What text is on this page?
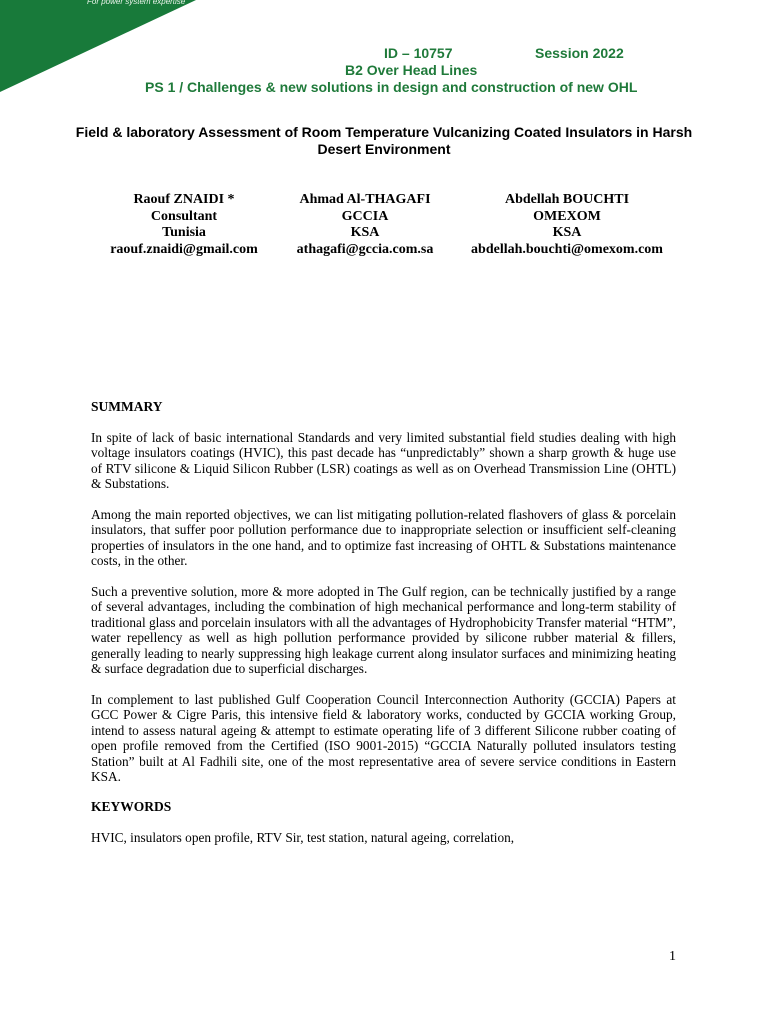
For power system expertise
ID – 10757	Session 2022
B2 Over Head Lines
PS 1 / Challenges & new solutions in design and construction of new OHL
Field & laboratory Assessment of Room Temperature Vulcanizing Coated Insulators in Harsh Desert Environment
Raouf ZNAIDI *
Consultant
Tunisia
raouf.znaidi@gmail.com
Ahmad Al-THAGAFI
GCCIA
KSA
athagafi@gccia.com.sa
Abdellah BOUCHTI
OMEXOM
KSA
abdellah.bouchti@omexom.com
SUMMARY
In spite of lack of basic international Standards and very limited substantial field studies dealing with high voltage insulators coatings (HVIC), this past decade has “unpredictably” shown a sharp growth & huge use of RTV silicone & Liquid Silicon Rubber (LSR) coatings as well as on Overhead Transmission Line (OHTL) & Substations.
Among the main reported objectives, we can list mitigating pollution-related flashovers of glass & porcelain insulators, that suffer poor pollution performance due to inappropriate selection or insufficient self-cleaning properties of insulators in the one hand, and to optimize fast increasing of OHTL & Substations maintenance costs, in the other.
Such a preventive solution, more & more adopted in The Gulf region, can be technically justified by a range of several advantages, including the combination of high mechanical performance and long-term stability of traditional glass and porcelain insulators with all the advantages of Hydrophobicity Transfer material “HTM”, water repellency as well as high pollution performance provided by silicone rubber material & fillers, generally leading to nearly suppressing high leakage current along insulator surfaces and minimizing heating & surface degradation due to superficial discharges.
In complement to last published Gulf Cooperation Council Interconnection Authority (GCCIA) Papers at GCC Power & Cigre Paris, this intensive field & laboratory works, conducted by GCCIA working Group, intend to assess natural ageing & attempt to estimate operating life of 3 different Silicone rubber coating of open profile removed from the Certified (ISO 9001-2015) “GCCIA Naturally polluted insulators testing Station” built at Al Fadhili site, one of the most representative area of severe service conditions in Eastern KSA.
KEYWORDS
HVIC, insulators open profile, RTV Sir, test station, natural ageing, correlation,
1
